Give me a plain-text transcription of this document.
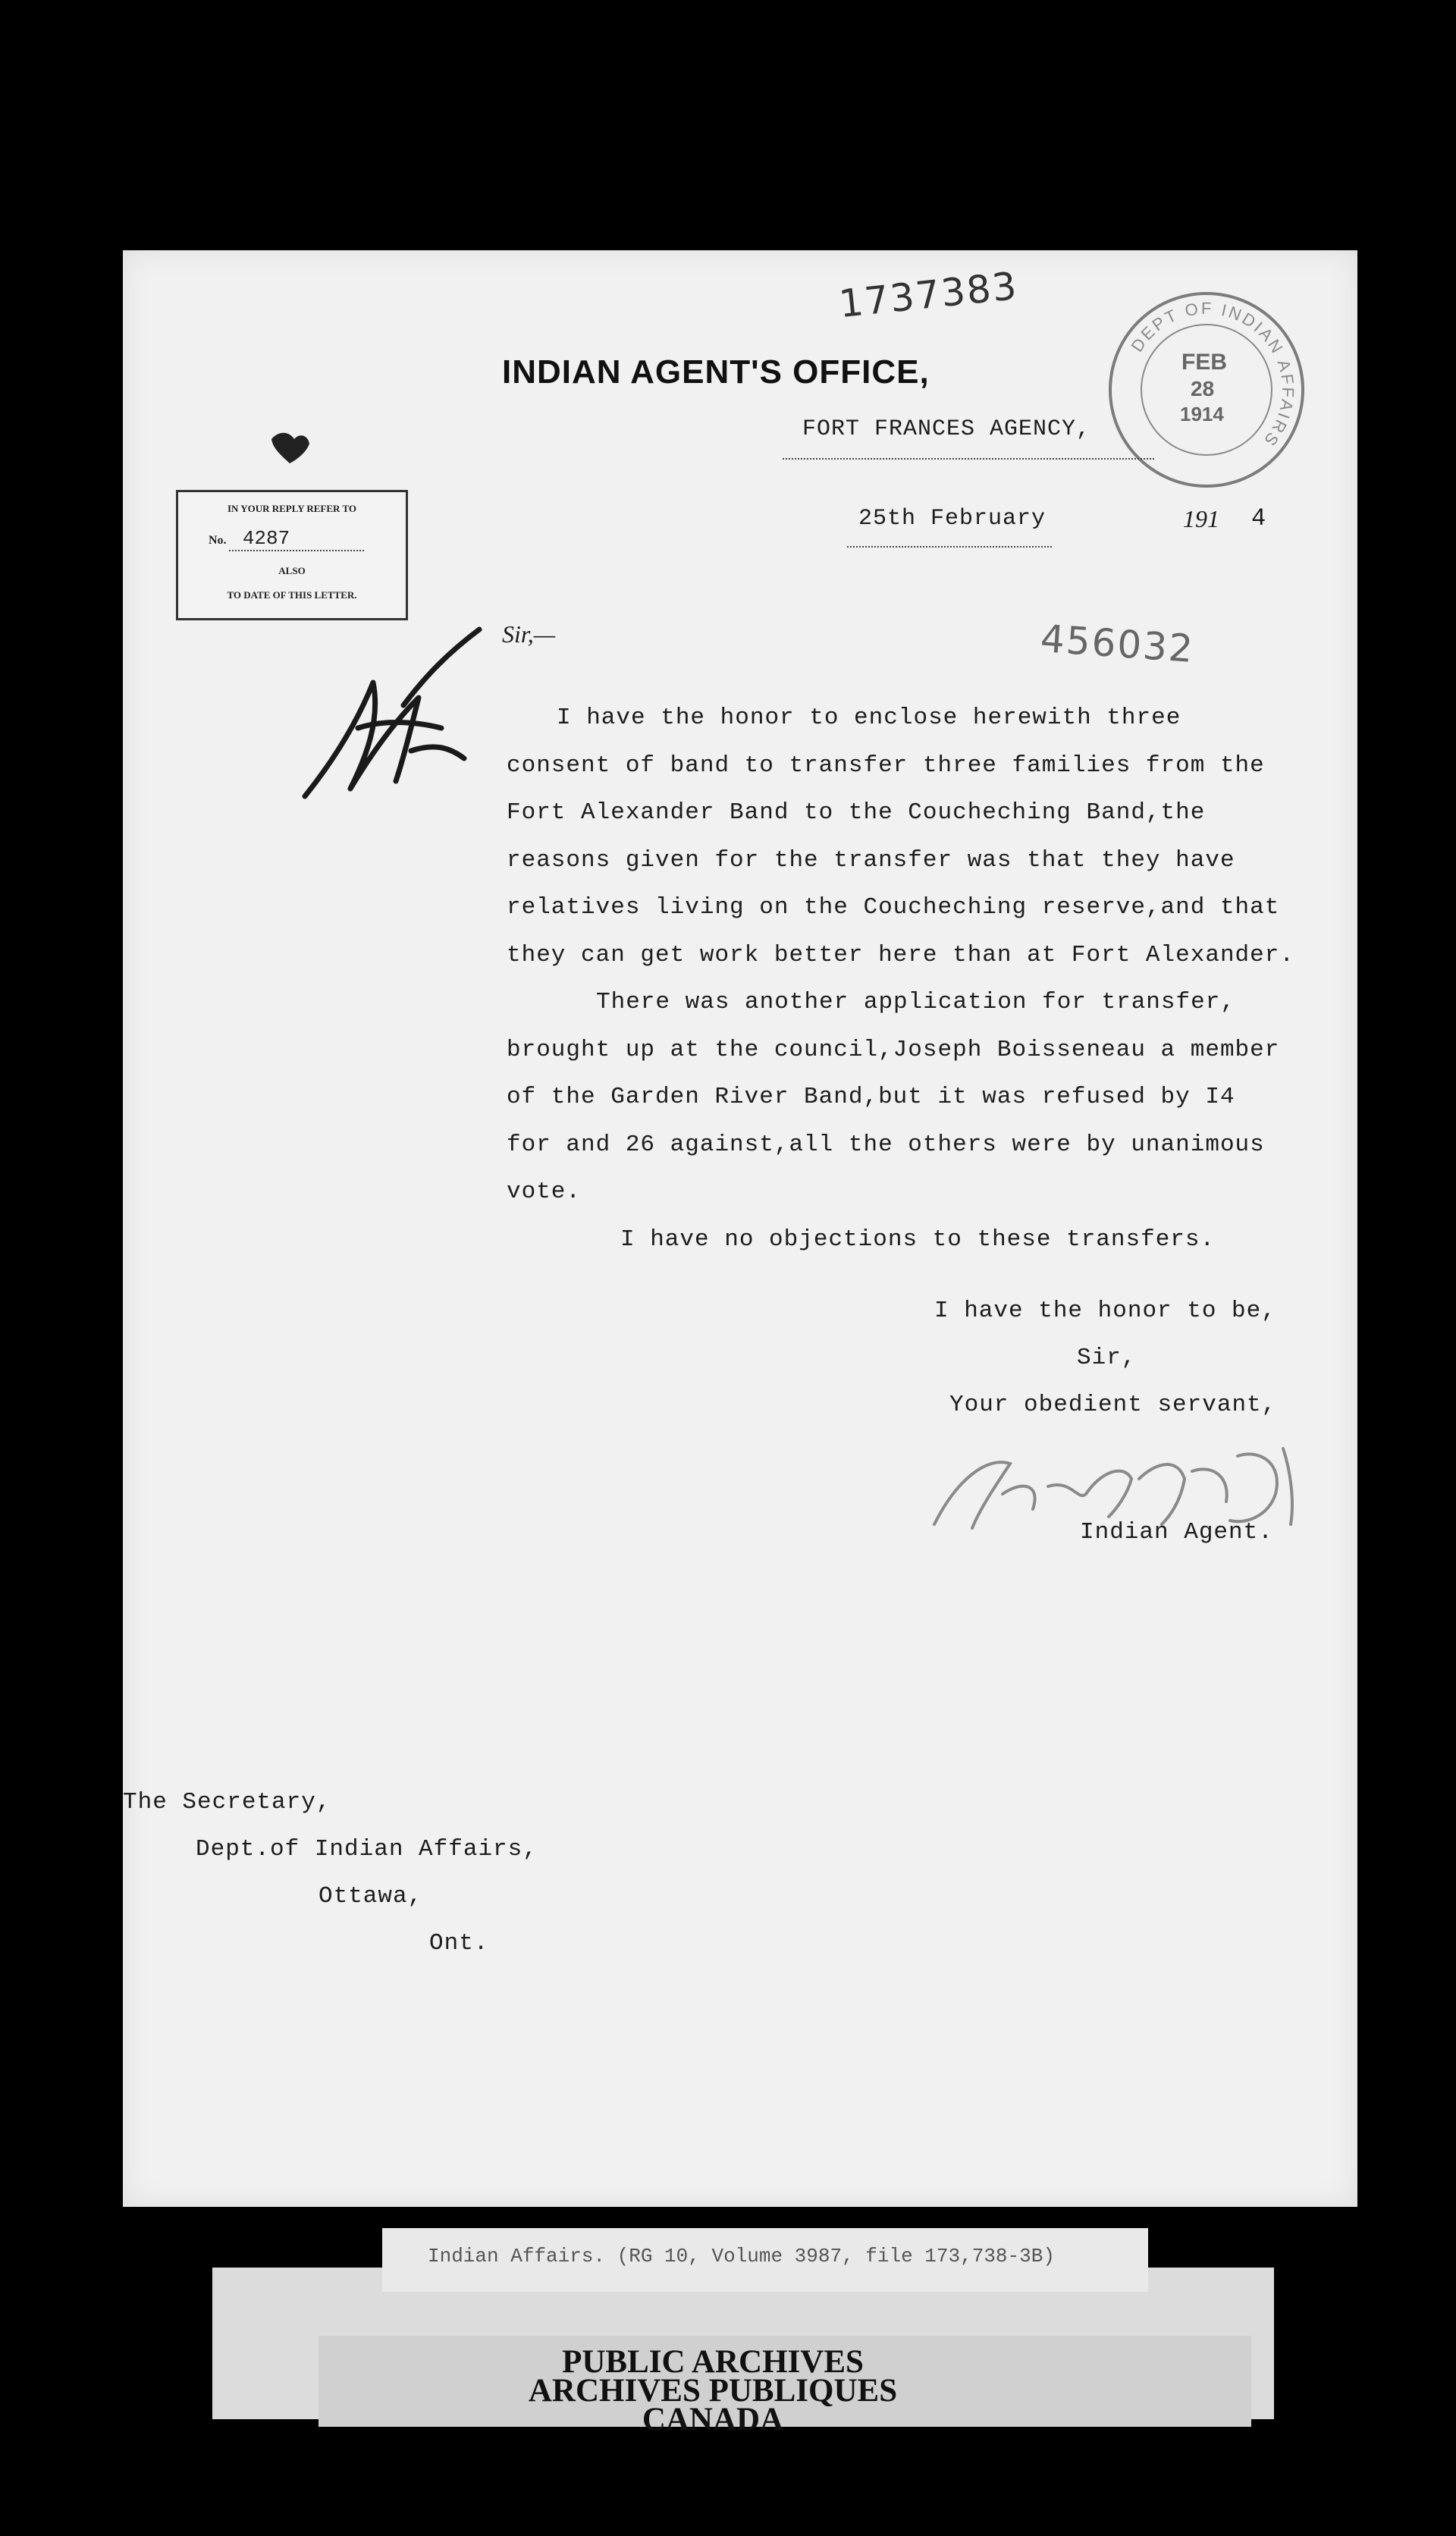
1737383
DEPT OF INDIAN AFFAIRS
FEB
28
1914
INDIAN AGENT'S OFFICE,
FORT FRANCES AGENCY,
25th February	191 4
IN YOUR REPLY REFER TO
No. 4287
ALSO
TO DATE OF THIS LETTER.
456032
Sir,—
I have the honor to enclose herewith three
consent of band to transfer three families from the
Fort Alexander Band to the Coucheching Band,the
reasons given for the transfer was that they have
relatives living on the Coucheching reserve,and that
they can get work better here than at Fort Alexander.
There was another application for transfer,
brought up at the council,Joseph Boisseneau a member
of the Garden River Band,but it was refused by I4
for and 26 against,all the others were by unanimous
vote.
I have no objections to these transfers.
I have the honor to be,
Sir,
Your obedient servant,
Indian Agent.
The Secretary,
Dept.of Indian Affairs,
Ottawa,
Ont.
Indian Affairs. (RG 10, Volume 3987, file 173,738-3B)
PUBLIC ARCHIVES
ARCHIVES PUBLIQUES
CANADA
